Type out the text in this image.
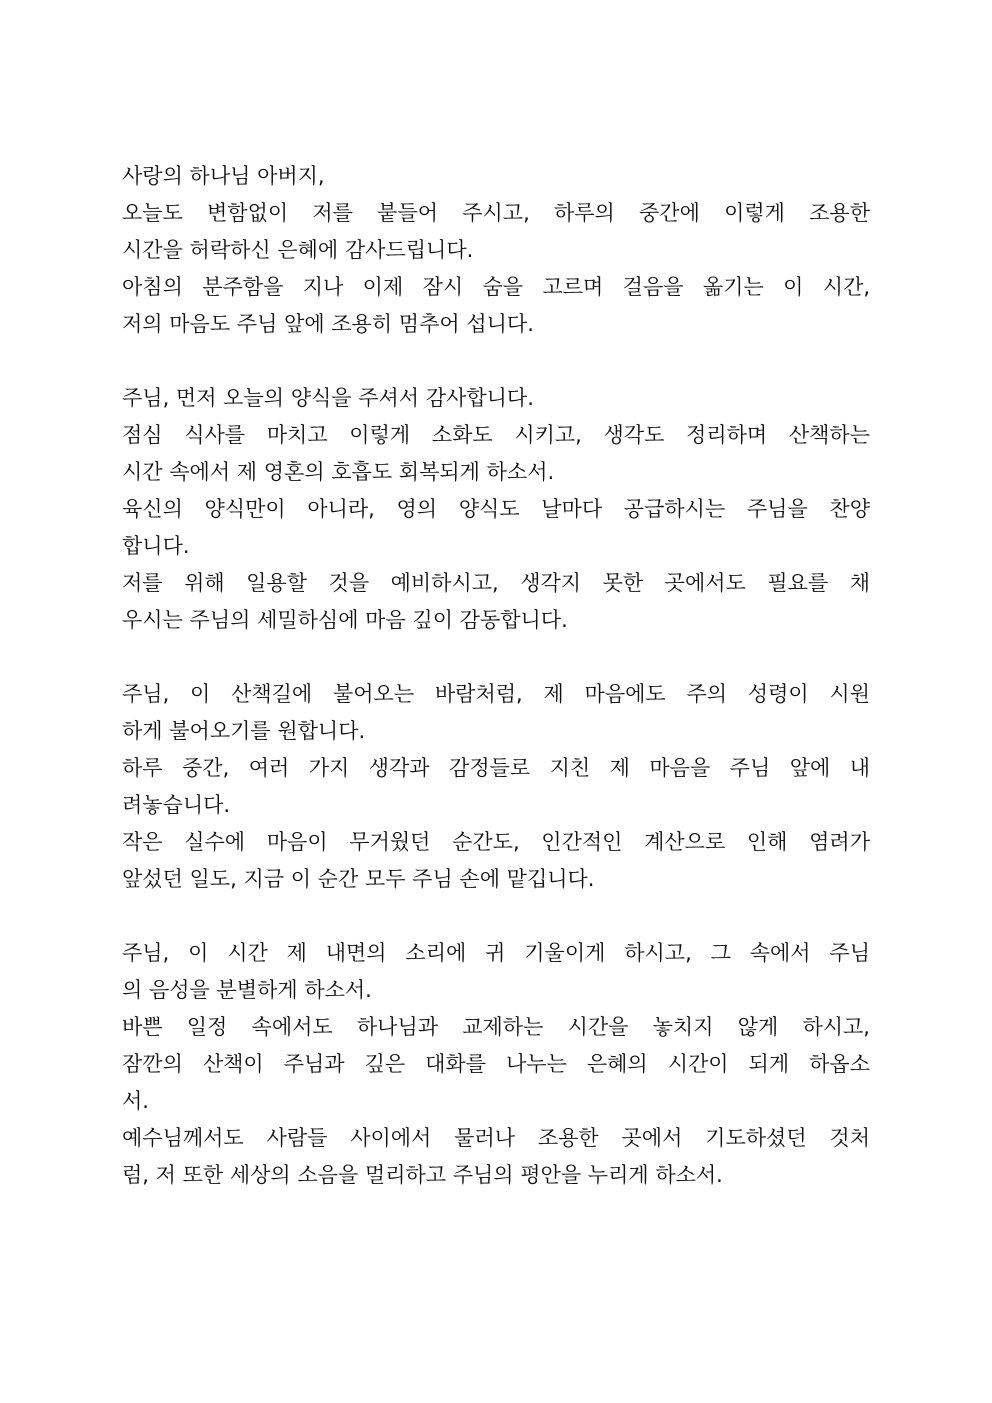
사랑의 하나님 아버지,
오늘도 변함없이 저를 붙들어 주시고, 하루의 중간에 이렇게 조용한
시간을 허락하신 은혜에 감사드립니다.
아침의 분주함을 지나 이제 잠시 숨을 고르며 걸음을 옮기는 이 시간,
저의 마음도 주님 앞에 조용히 멈추어 섭니다.
주님, 먼저 오늘의 양식을 주셔서 감사합니다.
점심 식사를 마치고 이렇게 소화도 시키고, 생각도 정리하며 산책하는
시간 속에서 제 영혼의 호흡도 회복되게 하소서.
육신의 양식만이 아니라, 영의 양식도 날마다 공급하시는 주님을 찬양
합니다.
저를 위해 일용할 것을 예비하시고, 생각지 못한 곳에서도 필요를 채
우시는 주님의 세밀하심에 마음 깊이 감동합니다.
주님, 이 산책길에 불어오는 바람처럼, 제 마음에도 주의 성령이 시원
하게 불어오기를 원합니다.
하루 중간, 여러 가지 생각과 감정들로 지친 제 마음을 주님 앞에 내
려놓습니다.
작은 실수에 마음이 무거웠던 순간도, 인간적인 계산으로 인해 염려가
앞섰던 일도, 지금 이 순간 모두 주님 손에 맡깁니다.
주님, 이 시간 제 내면의 소리에 귀 기울이게 하시고, 그 속에서 주님
의 음성을 분별하게 하소서.
바쁜 일정 속에서도 하나님과 교제하는 시간을 놓치지 않게 하시고,
잠깐의 산책이 주님과 깊은 대화를 나누는 은혜의 시간이 되게 하옵소
서.
예수님께서도 사람들 사이에서 물러나 조용한 곳에서 기도하셨던 것처
럼, 저 또한 세상의 소음을 멀리하고 주님의 평안을 누리게 하소서.
